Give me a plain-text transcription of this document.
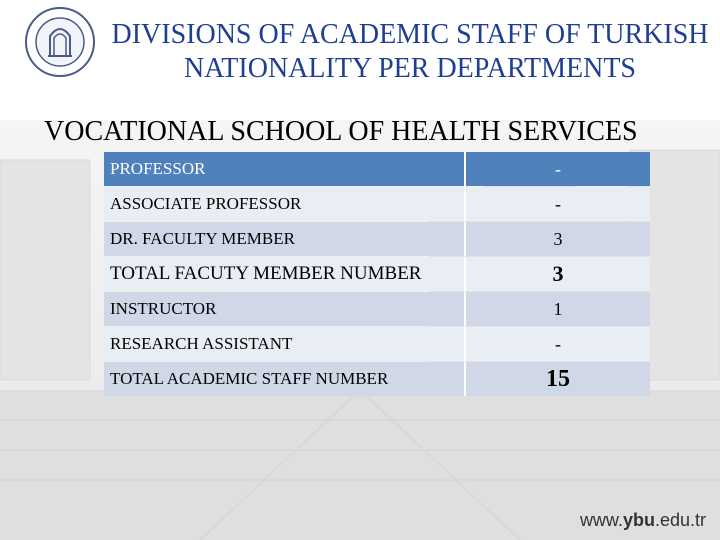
DIVISIONS OF ACADEMIC STAFF OF TURKISH NATIONALITY PER DEPARTMENTS
VOCATIONAL SCHOOL OF HEALTH SERVICES
PROFESSOR	-
ASSOCIATE PROFESSOR	-
DR. FACULTY MEMBER	3
TOTAL FACUTY MEMBER NUMBER	3
INSTRUCTOR	1
RESEARCH ASSISTANT	-
TOTAL ACADEMIC STAFF NUMBER	15
www.ybu.edu.tr
